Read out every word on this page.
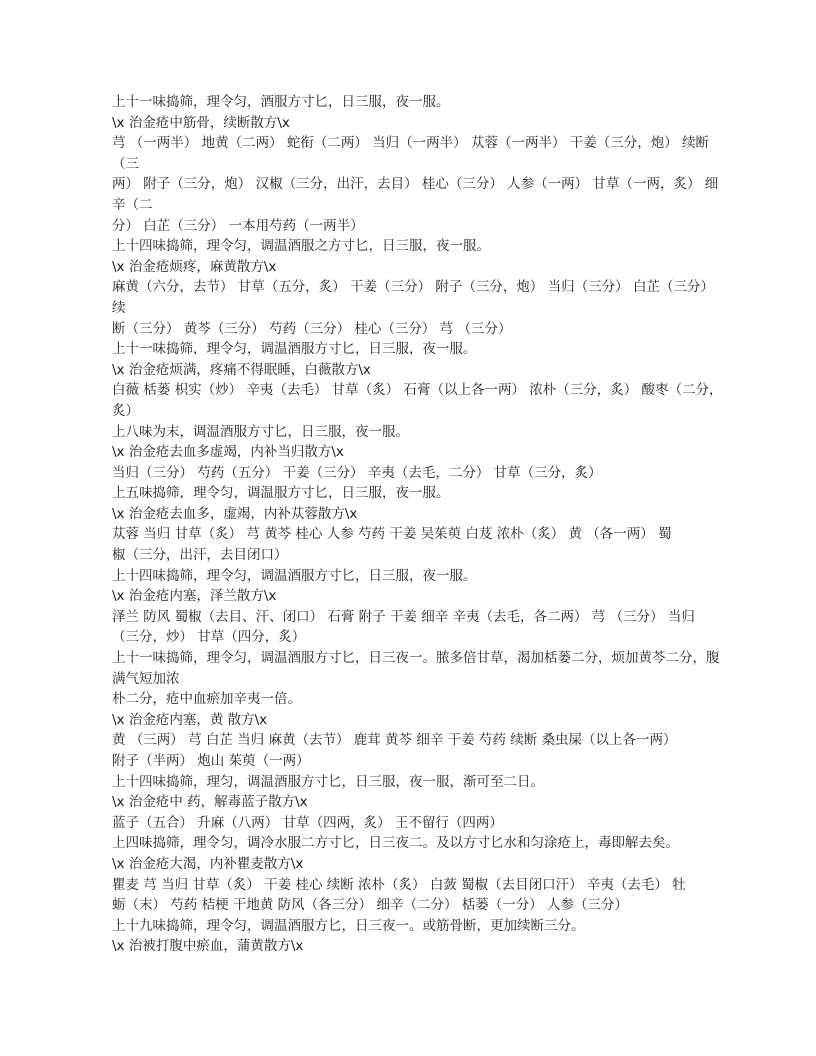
上十一味捣筛，理令匀，酒服方寸匕，日三服，夜一服。
\x 治金疮中筋骨，续断散方\x
芎 （一两半） 地黄（二两） 蛇衔（二两） 当归（一两半） 苁蓉（一两半） 干姜（三分，炮） 续断（三
两） 附子（三分，炮） 汉椒（三分，出汗，去目） 桂心（三分） 人参（一两） 甘草（一两，炙） 细辛（二
分） 白芷（三分） 一本用芍药（一两半）
上十四味捣筛，理令匀，调温酒服之方寸匕，日三服，夜一服。
\x 治金疮烦疼，麻黄散方\x
麻黄（六分，去节） 甘草（五分，炙） 干姜（三分） 附子（三分，炮） 当归（三分） 白芷（三分） 续
断（三分） 黄芩（三分） 芍药（三分） 桂心（三分） 芎 （三分）
上十一味捣筛，理令匀，调温酒服方寸匕，日三服，夜一服。
\x 治金疮烦满，疼痛不得眠睡，白薇散方\x
白薇 栝蒌 枳实（炒） 辛夷（去毛） 甘草（炙） 石膏（以上各一两） 浓朴（三分，炙） 酸枣（二分，
炙）
上八味为末，调温酒服方寸匕，日三服，夜一服。
\x 治金疮去血多虚竭，内补当归散方\x
当归（三分） 芍药（五分） 干姜（三分） 辛夷（去毛，二分） 甘草（三分，炙）
上五味捣筛，理令匀，调温服方寸匕，日三服，夜一服。
\x 治金疮去血多，虚竭，内补苁蓉散方\x
苁蓉 当归 甘草（炙） 芎 黄芩 桂心 人参 芍药 干姜 吴茱萸 白芨 浓朴（炙） 黄 （各一两） 蜀
椒（三分，出汗，去目闭口）
上十四味捣筛，理令匀，调温酒服方寸匕，日三服，夜一服。
\x 治金疮内塞，泽兰散方\x
泽兰 防风 蜀椒（去目、汗、闭口） 石膏 附子 干姜 细辛 辛夷（去毛，各二两） 芎 （三分） 当归
（三分，炒） 甘草（四分，炙）
上十一味捣筛，理令匀，调温酒服方寸匕，日三夜一。脓多倍甘草，渴加栝蒌二分，烦加黄芩二分，腹满气短加浓
朴二分，疮中血瘀加辛夷一倍。
\x 治金疮内塞，黄 散方\x
黄 （三两） 芎 白芷 当归 麻黄（去节） 鹿茸 黄芩 细辛 干姜 芍药 续断 桑虫屎（以上各一两）
附子（半两） 炮山 茱萸（一两）
上十四味捣筛，理匀，调温酒服方寸匕，日三服，夜一服，渐可至二日。
\x 治金疮中 药，解毒蓝子散方\x
蓝子（五合） 升麻（八两） 甘草（四两，炙） 王不留行（四两）
上四味捣筛，理令匀，调冷水服二方寸匕，日三夜二。及以方寸匕水和匀涂疮上，毒即解去矣。
\x 治金疮大渴，内补瞿麦散方\x
瞿麦 芎 当归 甘草（炙） 干姜 桂心 续断 浓朴（炙） 白蔹 蜀椒（去目闭口汗） 辛夷（去毛） 牡
蛎（末） 芍药 桔梗 干地黄 防风（各三分） 细辛（二分） 栝蒌（一分） 人参（三分）
上十九味捣筛，理令匀，调温酒服方匕，日三夜一。或筋骨断，更加续断三分。
\x 治被打腹中瘀血，蒲黄散方\x
